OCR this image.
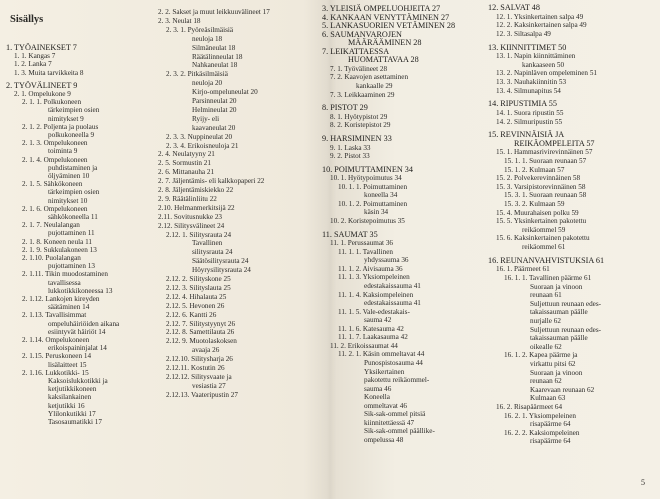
Sisällys
1. TYÖAINEKSET 7
1. 1. Kangas 7
1. 2. Lanka 7
1. 3. Muita tarvikkeita 8
2. TYÖVÄLINEET 9
2. 1. Ompelukone 9
2. 1. 1. Polkukoneen
tärkeimpien osien
nimitykset 9
2. 1. 2. Poljenta ja puolaus
polkukoneella 9
2. 1. 3. Ompelukoneen
toiminta 9
2. 1. 4. Ompelukoneen
puhdistaminen ja
öljyäminen 10
2. 1. 5. Sähkökoneen
tärkeimpien osien
nimitykset 10
2. 1. 6. Ompelukoneen
sähkökoneella 11
2. 1. 7. Neulalangan
pujottaminen 11
2. 1. 8. Koneen neula 11
2. 1. 9. Sukkulakoneen 13
2. 1.10. Puolalangan
pujottaminen 13
2. 1.11. Tikin muodostaminen
tavallisessa
lukkotikkikoneessa 13
2. 1.12. Lankojen kireyden
säätäminen 14
2. 1.13. Tavallisimmat
ompeluhäiriöiden aikana
esiintyvät häiriöt 14
2. 1.14. Ompelukoneen
erikoispaininjalat 14
2. 1.15. Peruskoneen 14
lisälaitteet 15
2. 1.16. Lukkotikki- 15
Kaksoislukkotikki ja
ketjutikkikoneen
kaksilankainen
ketjutikki 16
Ylilonkutikki 17
Tasosaumatikki 17
2. 2. Sakset ja muut leikkuuvälineet 17
2. 3. Neulat 18
2. 3. 1. Pyöreäsilmäisiä
neuloja 18
Silmäneulat 18
Räätälinneulat 18
Nahkaneulat 18
2. 3. 2. Pitkäsilmäisiä
neuloja 20
Kirjo-ompeluneulat 20
Parsinneulat 20
Helmineulat 20
Ryijy- eli
kaavaneulat 20
2. 3. 3. Nuppineulat 20
2. 3. 4. Erikoisneuloja 21
2. 4. Neulatyyny 21
2. 5. Sormustin 21
2. 6. Mittanauha 21
2. 7. Jäljentämis- eli kalkkopaperi 22
2. 8. Jäljentämiskiekko 22
2. 9. Räätälinliitu 22
2.10. Helmanmerkitsijä 22
2.11. Sovitusnukke 23
2.12. Silitysvälineet 24
2.12. 1. Silitysrauta 24
Tavallinen
silitysrauta 24
Säätösilitysrauta 24
Höyrysilitysrauta 24
2.12. 2. Silityskone 25
2.12. 3. Silityslauta 25
2.12. 4. Hihalauta 25
2.12. 5. Hevonen 26
2.12. 6. Kantti 26
2.12. 7. Silitystyynyt 26
2.12. 8. Samettilauta 26
2.12. 9. Muotolaskoksen
avaaja 26
2.12.10. Silitysharja 26
2.12.11. Kostutin 26
2.12.12. Silitysvaate ja
vesiastia 27
2.12.13. Vaateripustin 27
3. YLEISIÄ OMPELUOHJEITA 27
4. KANKAAN VENYTTÄMINEN 27
5. LANKASUORIEN VETÄMINEN 28
6. SAUMANVAROJEN
MÄÄRÄÄMINEN 28
7. LEIKATTAESSA
HUOMATTAVAA 28
7. 1. Työvälineet 28
7. 2. Kaavojen asettaminen
kankaalle 29
7. 3. Leikkaaminen 29
8. PISTOT 29
8. 1. Hyötypistot 29
8. 2. Koristepistot 29
9. HARSIMINEN 33
9. 1. Laska 33
9. 2. Pistot 33
10. POIMUTTAMINEN 34
10. 1. Hyötypoimutus 34
10. 1. 1. Poimuttaminen
koneella 34
10. 1. 2. Poimuttaminen
käsin 34
10. 2. Koristepoimutus 35
11. SAUMAT 35
11. 1. Perussaumat 36
11. 1. 1. Tavallinen
yhdyssauma 36
11. 1. 2. Aivisauma 36
11. 1. 3. Yksiompeleinen
edestakaissauma 41
11. 1. 4. Kaksiompeleinen
edestakaissauma 41
11. 1. 5. Vale-edestakais-
sauma 42
11. 1. 6. Katesauma 42
11. 1. 7. Laakasauma 42
11. 2. Erikoissaumat 44
11. 2. 1. Käsin ommeltavat 44
Punospistosauma 44
Yksikertainen
pakotettu reikäommel-
sauma 46
Koneella
ommeltavat 46
Sik-sak-ommel pitsiä
kiinnitettäessä 47
Sik-sak-ommel päällike-
ompelussa 48
12. SALVAT 48
12. 1. Yksinkertainen salpa 49
12. 2. Kaksinkertainen salpa 49
12. 3. Siltasalpa 49
13. KIINNITTIMET 50
13. 1. Napin kiinnittäminen
kankaaseen 50
13. 2. Napinläven ompeleminen 51
13. 3. Nauhakiinnitin 53
13. 4. Silmunapitus 54
14. RIPUSTIMIA 55
14. 1. Suora ripustin 55
14. 2. Silmuripustin 55
15. REVINNÄISIÄ JA
REIKÄOMPELEITA 57
15. 1. Hammasrivirevinnäinen 57
15. 1. 1. Suoraan reunaan 57
15. 1. 2. Kulmaan 57
15. 2. Polvekerevinnäinen 58
15. 3. Varsipistorevinnäinen 58
15. 3. 1. Suoraan reunaan 58
15. 3. 2. Kulmaan 59
15. 4. Muurahaisen polku 59
15. 5. Yksinkertainen pakotettu
reikäommel 59
15. 6. Kaksinkertainen pakotettu
reikäommel 61
16. REUNANVAHVISTUKSIA 61
16. 1. Päärmeet 61
16. 1. 1. Tavallinen päärme 61
Suoraan ja vinoon
reunaan 61
Suljettuun reunaan edes-
takaissauman päälle
nurjalle 62
Suljettuun reunaan edes-
takaissauman päälle
oikealle 62
16. 1. 2. Kapea päärme ja
virkattu pitsi 62
Suoraan ja vinoon
reunaan 62
Kaarevaan reunaan 62
Kulmaan 63
16. 2. Risapäärmeet 64
16. 2. 1. Yksiompeleinen
risapäärme 64
16. 2. 2. Kaksiompeleinen
risapäärme 64
5
